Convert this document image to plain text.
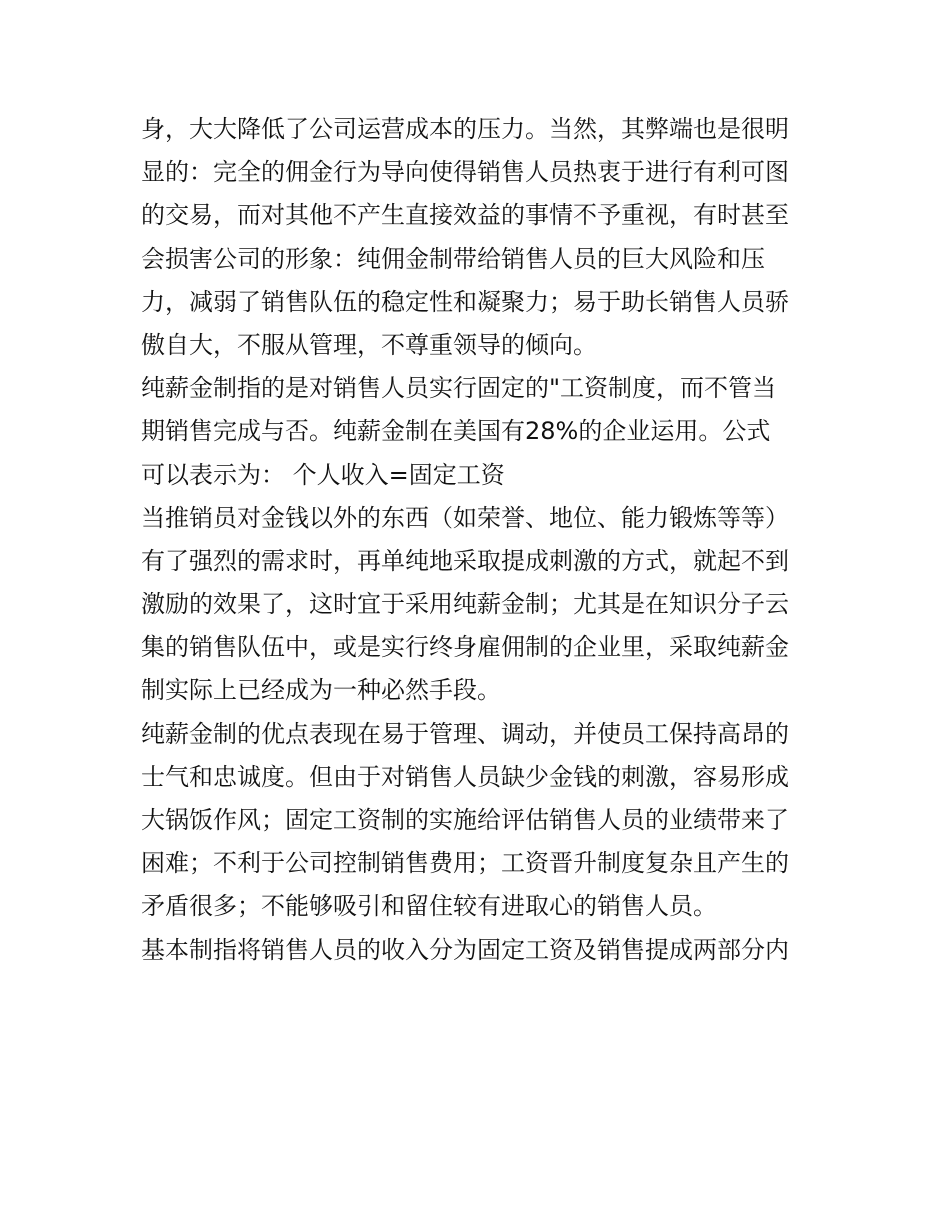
身，大大降低了公司运营成本的压力。当然，其弊端也是很明
显的：完全的佣金行为导向使得销售人员热衷于进行有利可图
的交易，而对其他不产生直接效益的事情不予重视，有时甚至
会损害公司的形象：纯佣金制带给销售人员的巨大风险和压
力，减弱了销售队伍的稳定性和凝聚力；易于助长销售人员骄
傲自大，不服从管理，不尊重领导的倾向。
纯薪金制指的是对销售人员实行固定的"工资制度，而不管当
期销售完成与否。纯薪金制在美国有28%的企业运用。公式
可以表示为： 个人收入=固定工资
当推销员对金钱以外的东西（如荣誉、地位、能力锻炼等等）
有了强烈的需求时，再单纯地采取提成刺激的方式，就起不到
激励的效果了，这时宜于采用纯薪金制；尤其是在知识分子云
集的销售队伍中，或是实行终身雇佣制的企业里，采取纯薪金
制实际上已经成为一种必然手段。
纯薪金制的优点表现在易于管理、调动，并使员工保持高昂的
士气和忠诚度。但由于对销售人员缺少金钱的刺激，容易形成
大锅饭作风；固定工资制的实施给评估销售人员的业绩带来了
困难；不利于公司控制销售费用；工资晋升制度复杂且产生的
矛盾很多；不能够吸引和留住较有进取心的销售人员。
基本制指将销售人员的收入分为固定工资及销售提成两部分内
